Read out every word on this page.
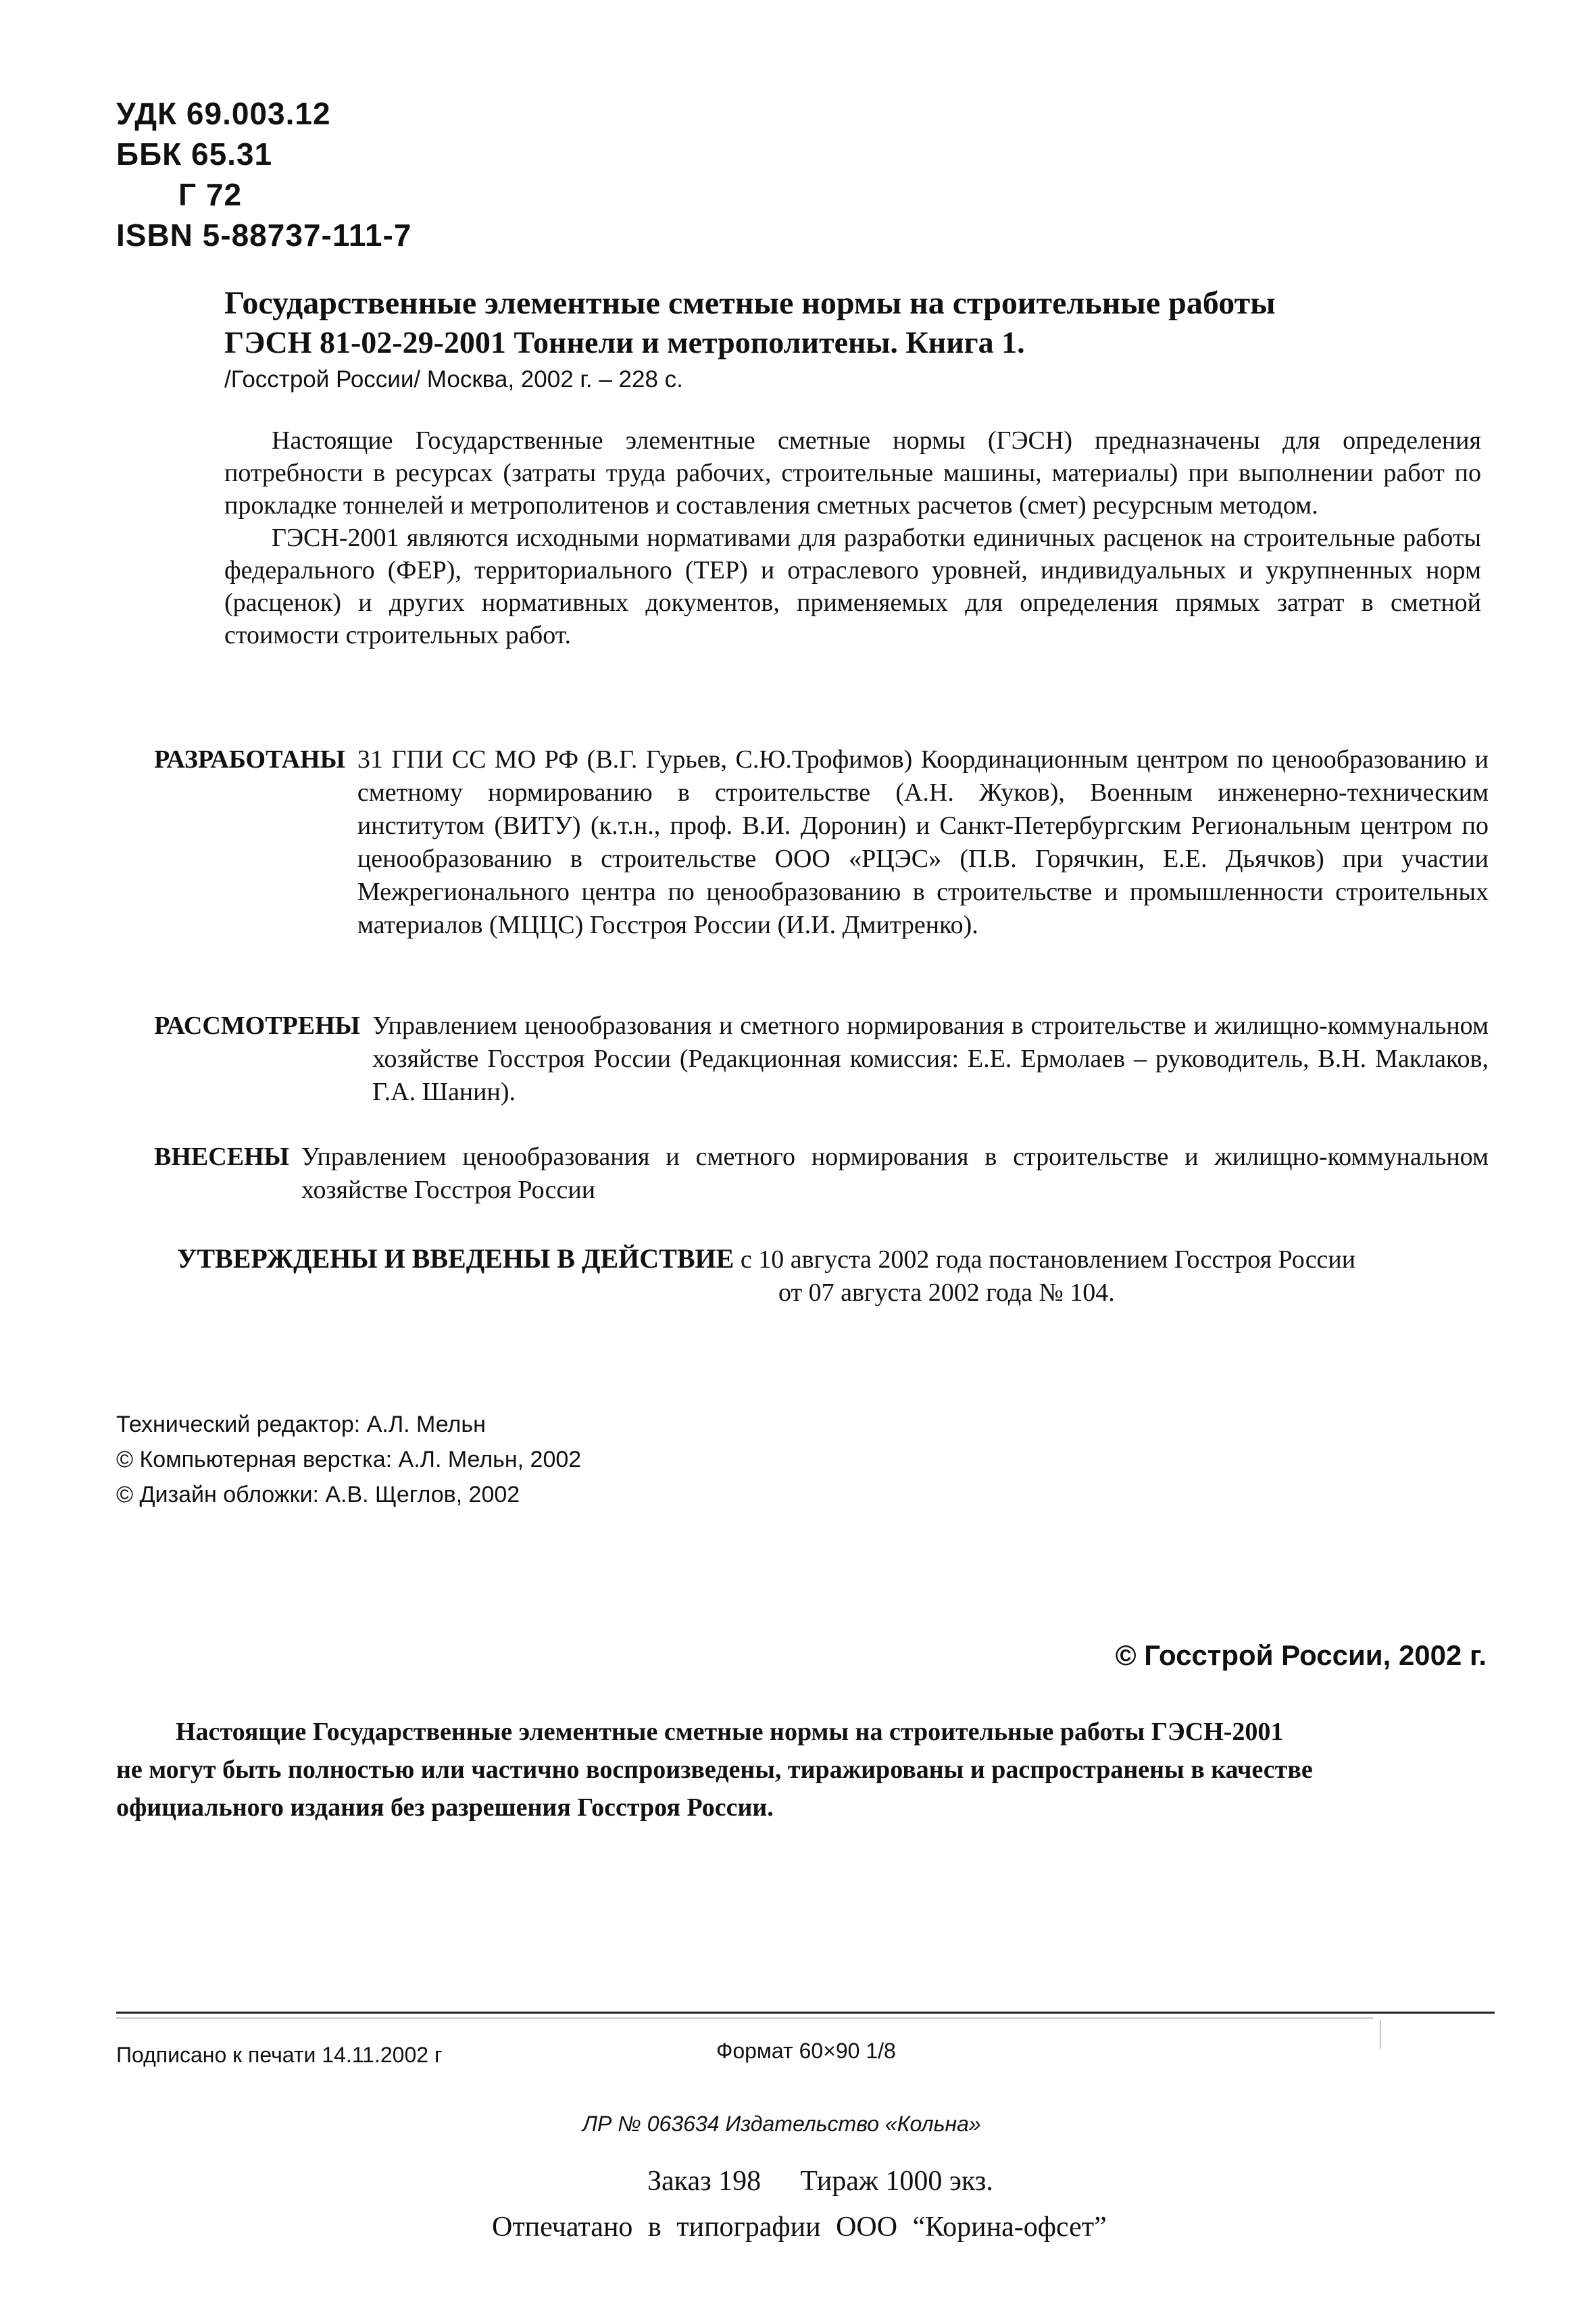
УДК 69.003.12
ББК 65.31
Г 72
ISBN 5-88737-111-7
Государственные элементные сметные нормы на строительные работы
ГЭСН 81-02-29-2001 Тоннели и метрополитены. Книга 1.
/Госстрой России/ Москва, 2002 г. – 228 с.

Настоящие Государственные элементные сметные нормы (ГЭСН) предназначены для определения потребности в ресурсах (затраты труда рабочих, строительные машины, материалы) при выполнении работ по прокладке тоннелей и метрополитенов и составления сметных расчетов (смет) ресурсным методом.

ГЭСН-2001 являются исходными нормативами для разработки единичных расценок на строительные работы федерального (ФЕР), территориального (ТЕР) и отраслевого уровней, индивидуальных и укрупненных норм (расценок) и других нормативных документов, применяемых для определения прямых затрат в сметной стоимости строительных работ.

РАЗРАБОТАНЫ 31 ГПИ СС МО РФ (В.Г. Гурьев, С.Ю.Трофимов) Координационным центром по ценообразованию и сметному нормированию в строительстве (А.Н. Жуков), Военным инженерно-техническим институтом (ВИТУ) (к.т.н., проф. В.И. Доронин) и Санкт-Петербургским Региональным центром по ценообразованию в строительстве ООО «РЦЭС» (П.В. Горячкин, Е.Е. Дьячков) при участии Межрегионального центра по ценообразованию в строительстве и промышленности строительных материалов (МЦЦС) Госстроя России (И.И. Дмитренко).
РАССМОТРЕНЫ Управлением ценообразования и сметного нормирования в строительстве и жилищно-коммунальном хозяйстве Госстроя России (Редакционная комиссия: Е.Е. Ермолаев – руководитель, В.Н. Маклаков, Г.А. Шанин).
ВНЕСЕНЫ Управлением ценообразования и сметного нормирования в строительстве и жилищно-коммунальном хозяйстве Госстроя России
УТВЕРЖДЕНЫ И ВВЕДЕНЫ В ДЕЙСТВИЕ с 10 августа 2002 года постановлением Госстроя России
от 07 августа 2002 года № 104.
Технический редактор: А.Л. Мельн
© Компьютерная верстка: А.Л. Мельн, 2002
© Дизайн обложки: А.В. Щеглов, 2002
© Госстрой России, 2002 г.
Настоящие Государственные элементные сметные нормы на строительные работы ГЭСН-2001
не могут быть полностью или частично воспроизведены, тиражированы и распространены в качестве
официального издания без разрешения Госстроя России.
Подписано к печати 14.11.2002 г	Формат 60×90 1/8
ЛР № 063634 Издательство «Кольна»
Заказ 198 Тираж 1000 экз.
Отпечатано в типографии ООО “Корина-офсет”
